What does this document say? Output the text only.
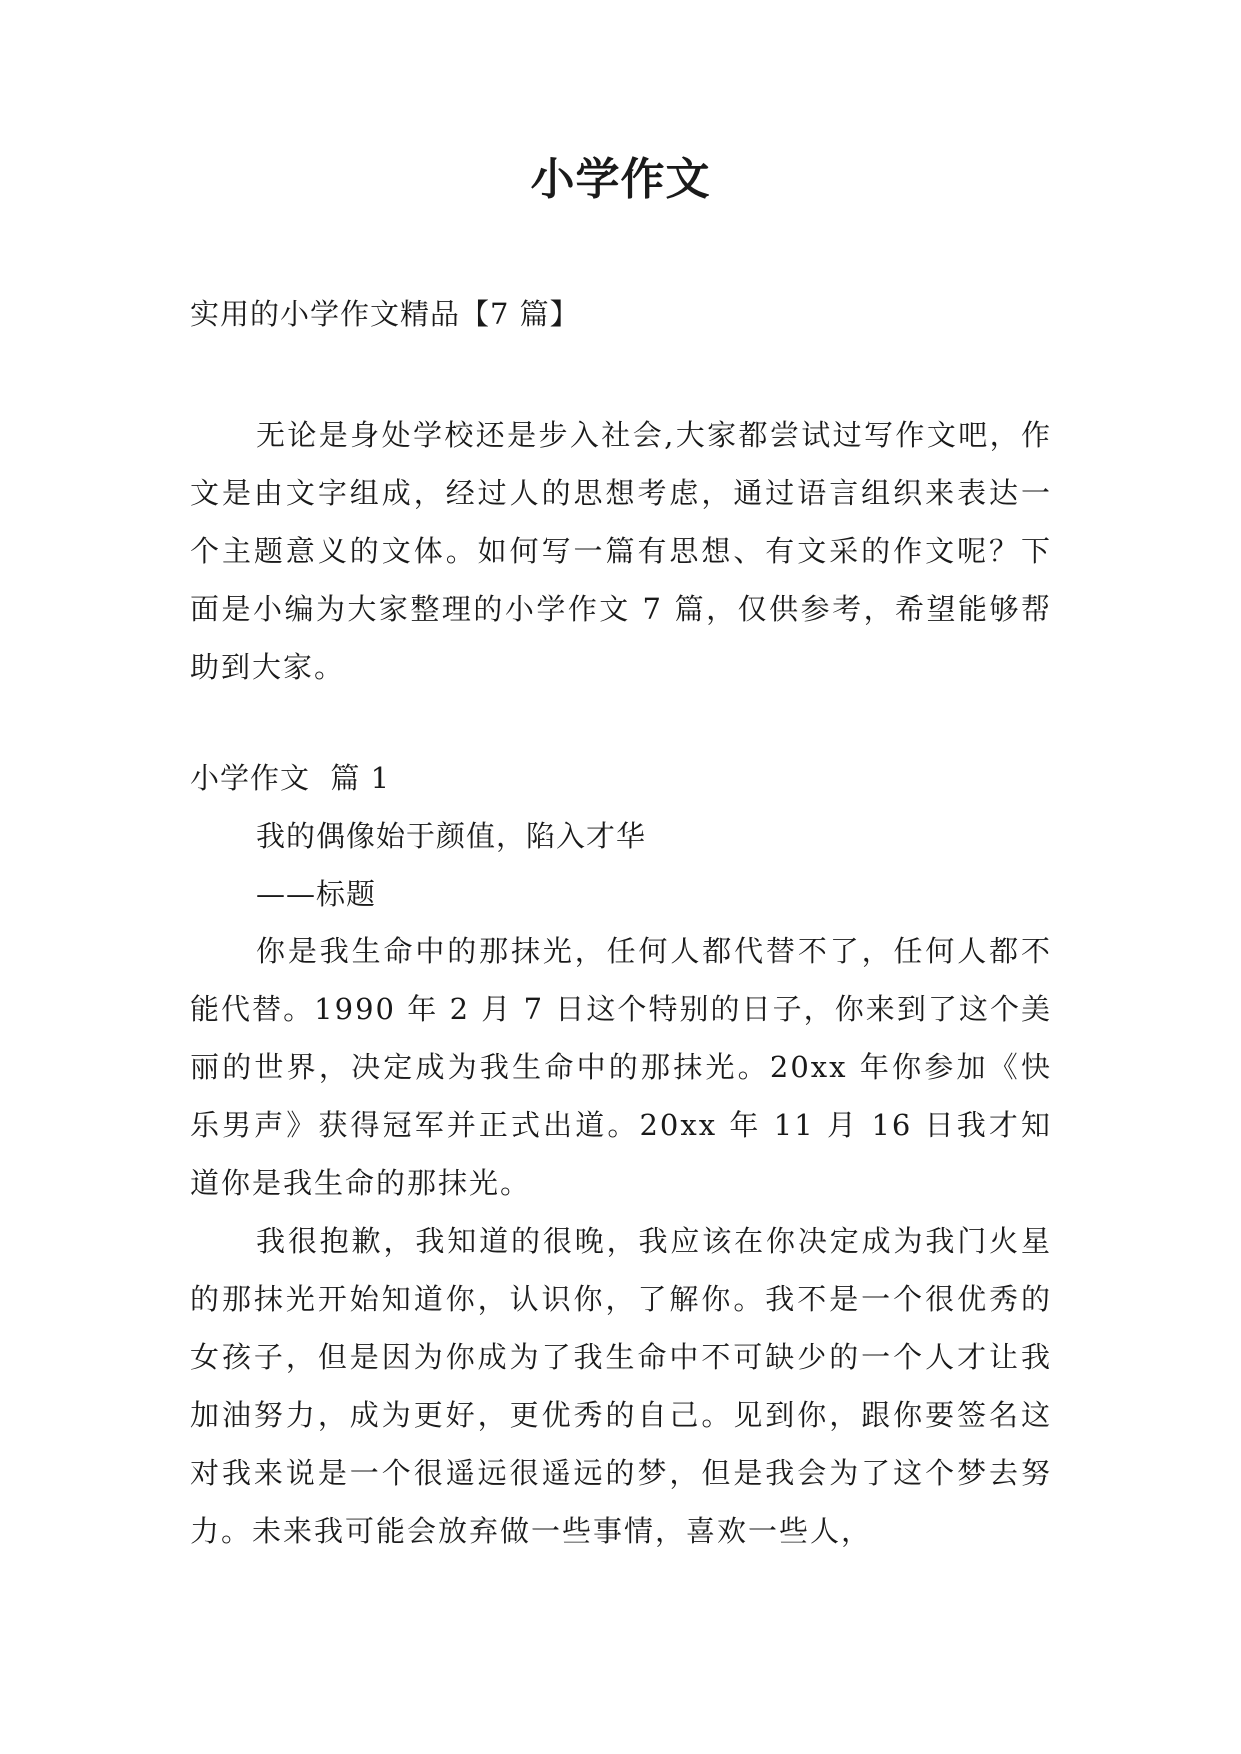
小学作文
实用的小学作文精品【7 篇】
无论是身处学校还是步入社会,大家都尝试过写作文吧，作文是由文字组成，经过人的思想考虑，通过语言组织来表达一个主题意义的文体。如何写一篇有思想、有文采的作文呢？下面是小编为大家整理的小学作文 7 篇，仅供参考，希望能够帮助到大家。
小学作文  篇 1
我的偶像始于颜值，陷入才华
——标题
你是我生命中的那抹光，任何人都代替不了，任何人都不能代替。1990 年 2 月 7 日这个特别的日子，你来到了这个美丽的世界，决定成为我生命中的那抹光。20xx 年你参加《快乐男声》获得冠军并正式出道。20xx 年 11 月 16 日我才知道你是我生命的那抹光。
我很抱歉，我知道的很晚，我应该在你决定成为我门火星的那抹光开始知道你，认识你，了解你。我不是一个很优秀的女孩子，但是因为你成为了我生命中不可缺少的一个人才让我加油努力，成为更好，更优秀的自己。见到你，跟你要签名这对我来说是一个很遥远很遥远的梦，但是我会为了这个梦去努力。未来我可能会放弃做一些事情，喜欢一些人，
